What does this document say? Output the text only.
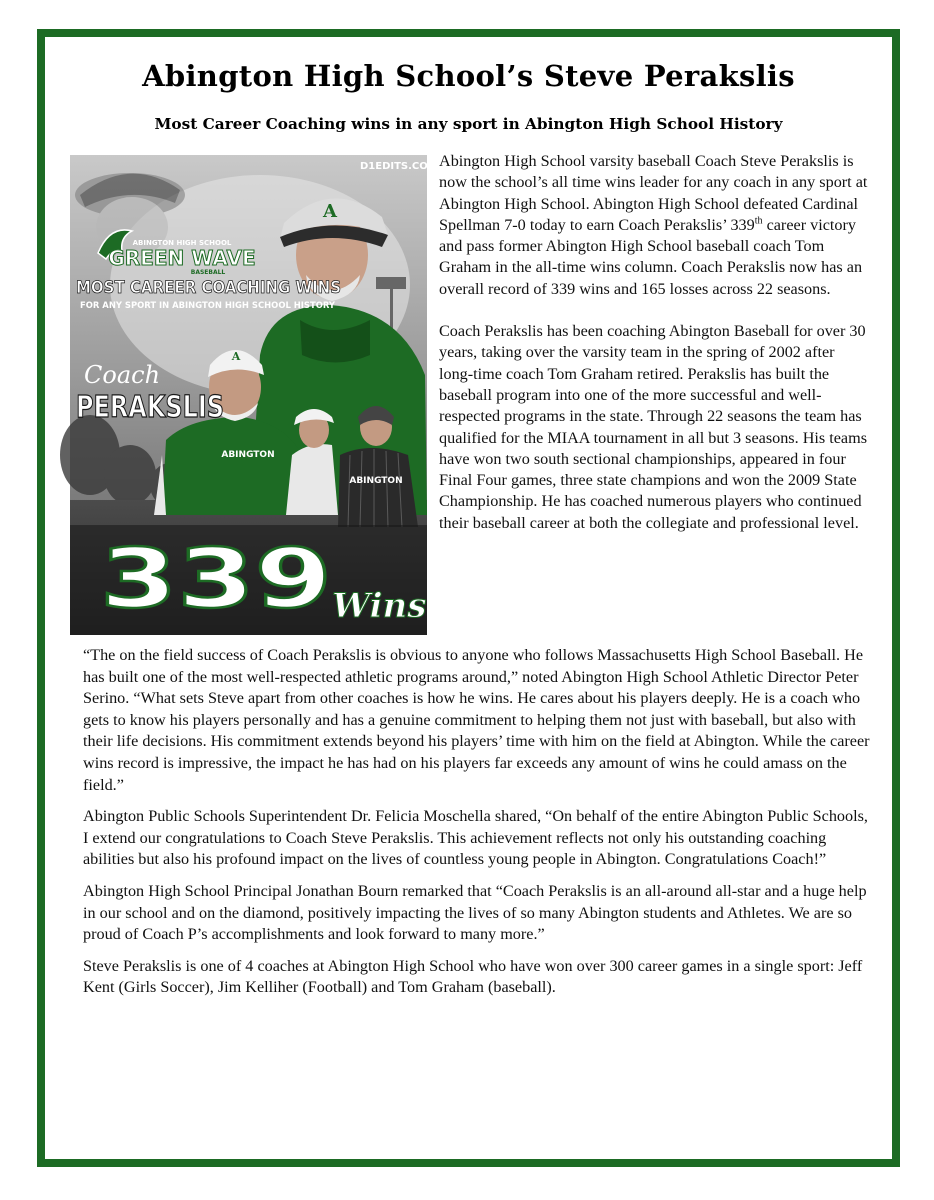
Abington High School’s Steve Perakslis
Most Career Coaching wins in any sport in Abington High School History
A
ABINGTON HIGH SCHOOL
GREEN WAVE
BASEBALL
MOST CAREER COACHING WINS
FOR ANY SPORT IN ABINGTON HIGH SCHOOL HISTORY
D1EDITS.COM
A
ABINGTON
ABINGTON
Coach
PERAKSLIS
339 Wins

Abington High School varsity baseball Coach Steve Perakslis is now the school’s all time wins leader for any coach in any sport at Abington High School. Abington High School defeated Cardinal Spellman 7-0 today to earn Coach Perakslis’ 339th career victory and pass former Abington High School baseball coach Tom Graham in the all-time wins column. Coach Perakslis now has an overall record of 339 wins and 165 losses across 22 seasons.

Coach Perakslis has been coaching Abington Baseball for over 30 years, taking over the varsity team in the spring of 2002 after long-time coach Tom Graham retired. Perakslis has built the baseball program into one of the more successful and well-respected programs in the state. Through 22 seasons the team has qualified for the MIAA tournament in all but 3 seasons. His teams have won two south sectional championships, appeared in four Final Four games, three state champions and won the 2009 State Championship. He has coached numerous players who continued their baseball career at both the collegiate and professional level.

“The on the field success of Coach Perakslis is obvious to anyone who follows Massachusetts High School Baseball. He has built one of the most well-respected athletic programs around,” noted Abington High School Athletic Director Peter Serino. “What sets Steve apart from other coaches is how he wins. He cares about his players deeply. He is a coach who gets to know his players personally and has a genuine commitment to helping them not just with baseball, but also with their life decisions. His commitment extends beyond his players’ time with him on the field at Abington. While the career wins record is impressive, the impact he has had on his players far exceeds any amount of wins he could amass on the field.”

Abington Public Schools Superintendent Dr. Felicia Moschella shared, “On behalf of the entire Abington Public Schools, I extend our congratulations to Coach Steve Perakslis. This achievement reflects not only his outstanding coaching abilities but also his profound impact on the lives of countless young people in Abington. Congratulations Coach!”

Abington High School Principal Jonathan Bourn remarked that “Coach Perakslis is an all-around all-star and a huge help in our school and on the diamond, positively impacting the lives of so many Abington students and Athletes. We are so proud of Coach P’s accomplishments and look forward to many more.”

Steve Perakslis is one of 4 coaches at Abington High School who have won over 300 career games in a single sport: Jeff Kent (Girls Soccer), Jim Kelliher (Football) and Tom Graham (baseball).
